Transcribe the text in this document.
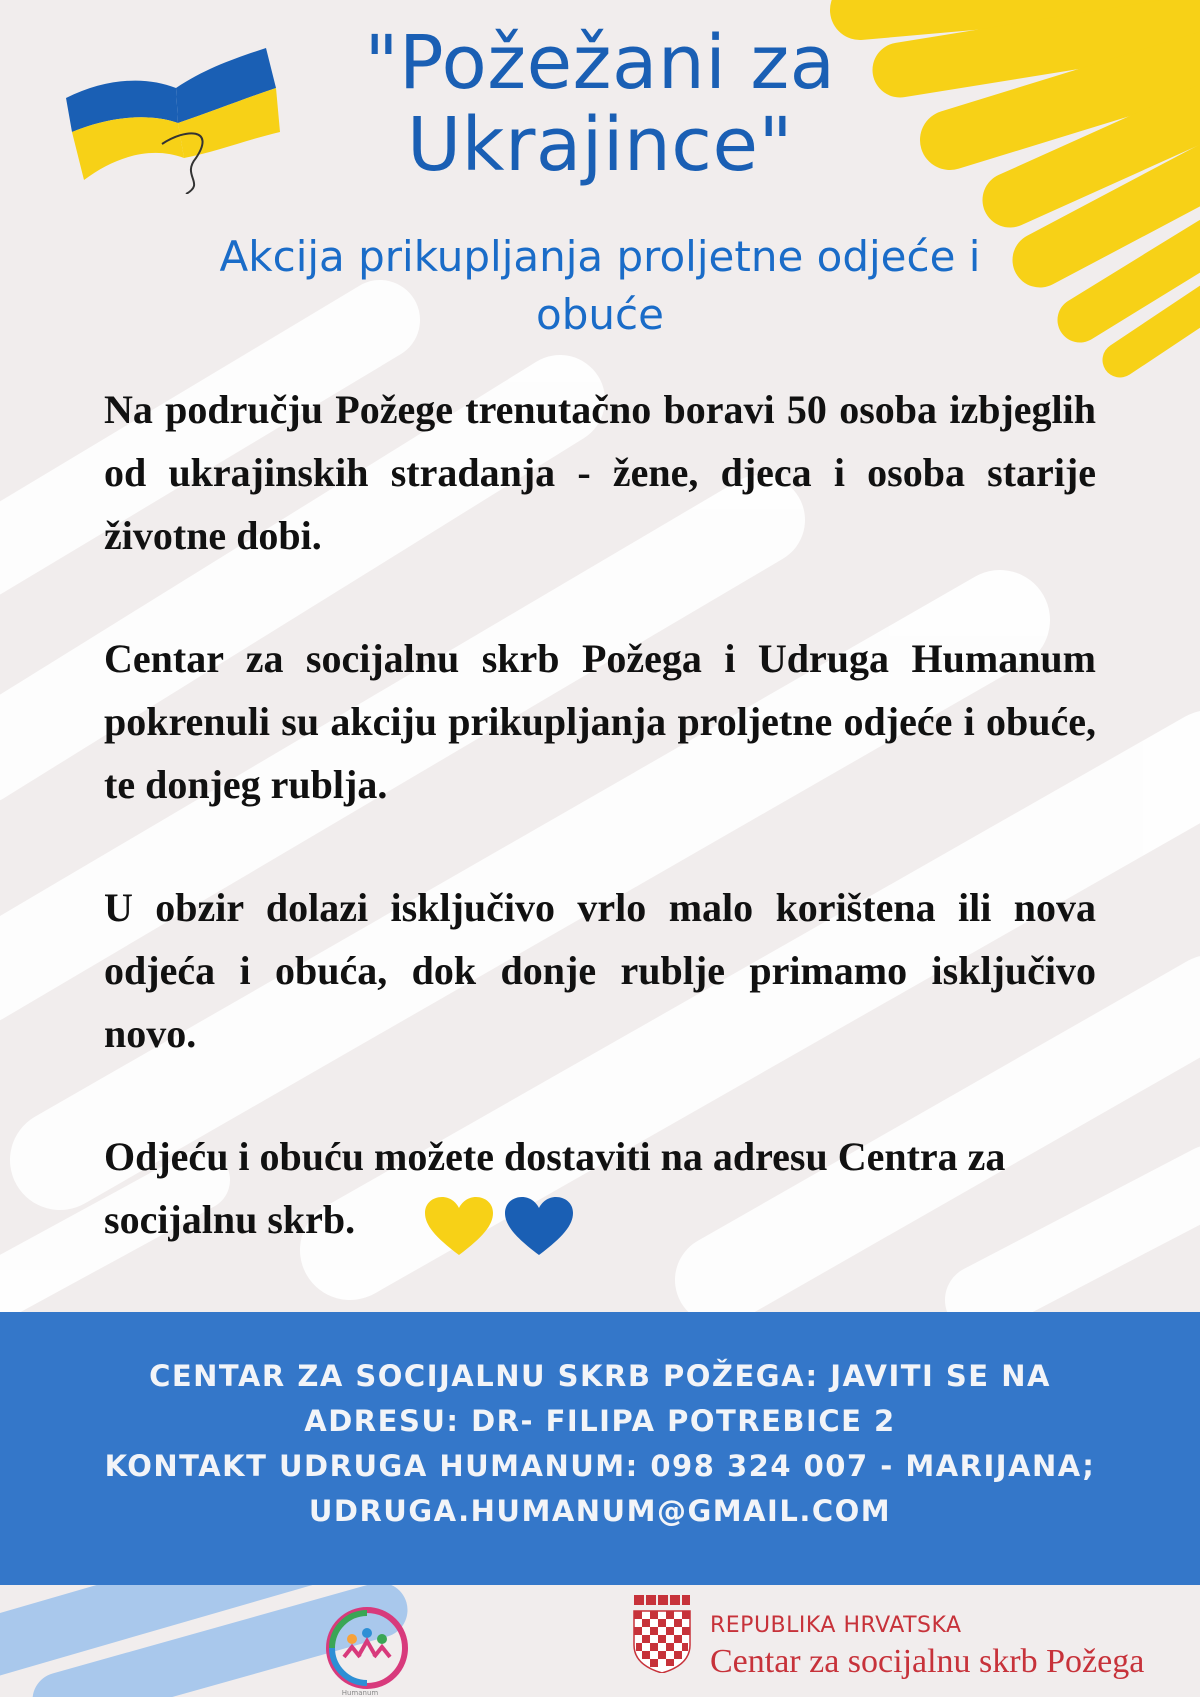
"Požežani za
Ukrajince"
Akcija prikupljanja proljetne odjeće i
obuće

Na području Požege trenutačno boravi 50 osoba izbjeglih od ukrajinskih stradanja - žene, djeca i osoba starije životne dobi.

Centar za socijalnu skrb Požega i Udruga Humanum pokrenuli su akciju prikupljanja proljetne odjeće i obuće, te donjeg rublja.

U obzir dolazi isključivo vrlo malo korištena ili nova odjeća i obuća, dok donje rublje primamo isključivo novo.

Odjeću i obuću možete dostaviti na adresu Centra za socijalnu skrb.

CENTAR ZA SOCIJALNU SKRB POŽEGA: JAVITI SE NA
ADRESU: DR- FILIPA POTREBICE 2
KONTAKT UDRUGA HUMANUM: 098 324 007 - MARIJANA;
UDRUGA.HUMANUM@GMAIL.COM
Humanum
REPUBLIKA HRVATSKA
Centar za socijalnu skrb Požega
